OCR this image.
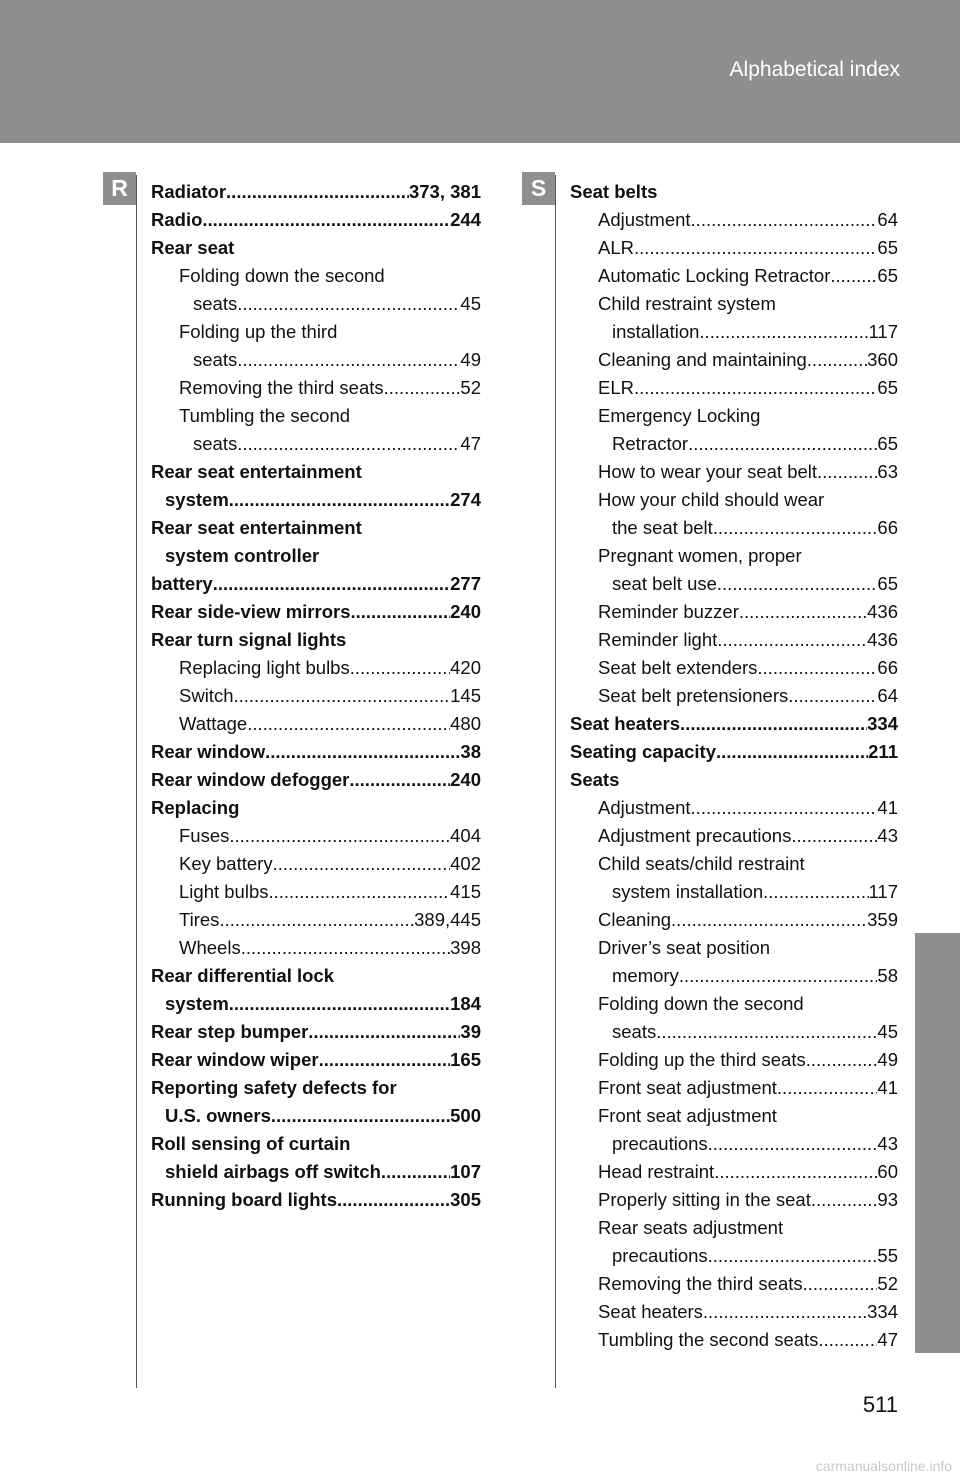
Alphabetical index
R	S
Radiator .....	373, 381
Radio .....	244
Rear seat
Folding down the second
seats .....	45
Folding up the third
seats .....	49
Removing the third seats .....	52
Tumbling the second
seats .....	47
Rear seat entertainment
system .....	274
Rear seat entertainment
system controller
battery .....	277
Rear side-view mirrors .....	240
Rear turn signal lights
Replacing light bulbs .....	420
Switch .....	145
Wattage .....	480
Rear window .....	38
Rear window defogger .....	240
Replacing
Fuses .....	404
Key battery .....	402
Light bulbs .....	415
Tires .....	389,445
Wheels .....	398
Rear differential lock
system .....	184
Rear step bumper .....	39
Rear window wiper .....	165
Reporting safety defects for
U.S. owners .....	500
Roll sensing of curtain
shield airbags off switch .....	107
Running board lights .....	305
Seat belts
Adjustment .....	64
ALR .....	65
Automatic Locking Retractor .....	65
Child restraint system
installation .....	117
Cleaning and maintaining .....	360
ELR .....	65
Emergency Locking
Retractor .....	65
How to wear your seat belt .....	63
How your child should wear
the seat belt .....	66
Pregnant women, proper
seat belt use .....	65
Reminder buzzer .....	436
Reminder light .....	436
Seat belt extenders .....	66
Seat belt pretensioners .....	64
Seat heaters .....	334
Seating capacity .....	211
Seats
Adjustment .....	41
Adjustment precautions .....	43
Child seats/child restraint
system installation .....	117
Cleaning .....	359
Driver’s seat position
memory .....	58
Folding down the second
seats .....	45
Folding up the third seats .....	49
Front seat adjustment .....	41
Front seat adjustment
precautions .....	43
Head restraint .....	60
Properly sitting in the seat .....	93
Rear seats adjustment
precautions .....	55
Removing the third seats .....	52
Seat heaters .....	334
Tumbling the second seats .....	47
511
carmanualsonline.info
